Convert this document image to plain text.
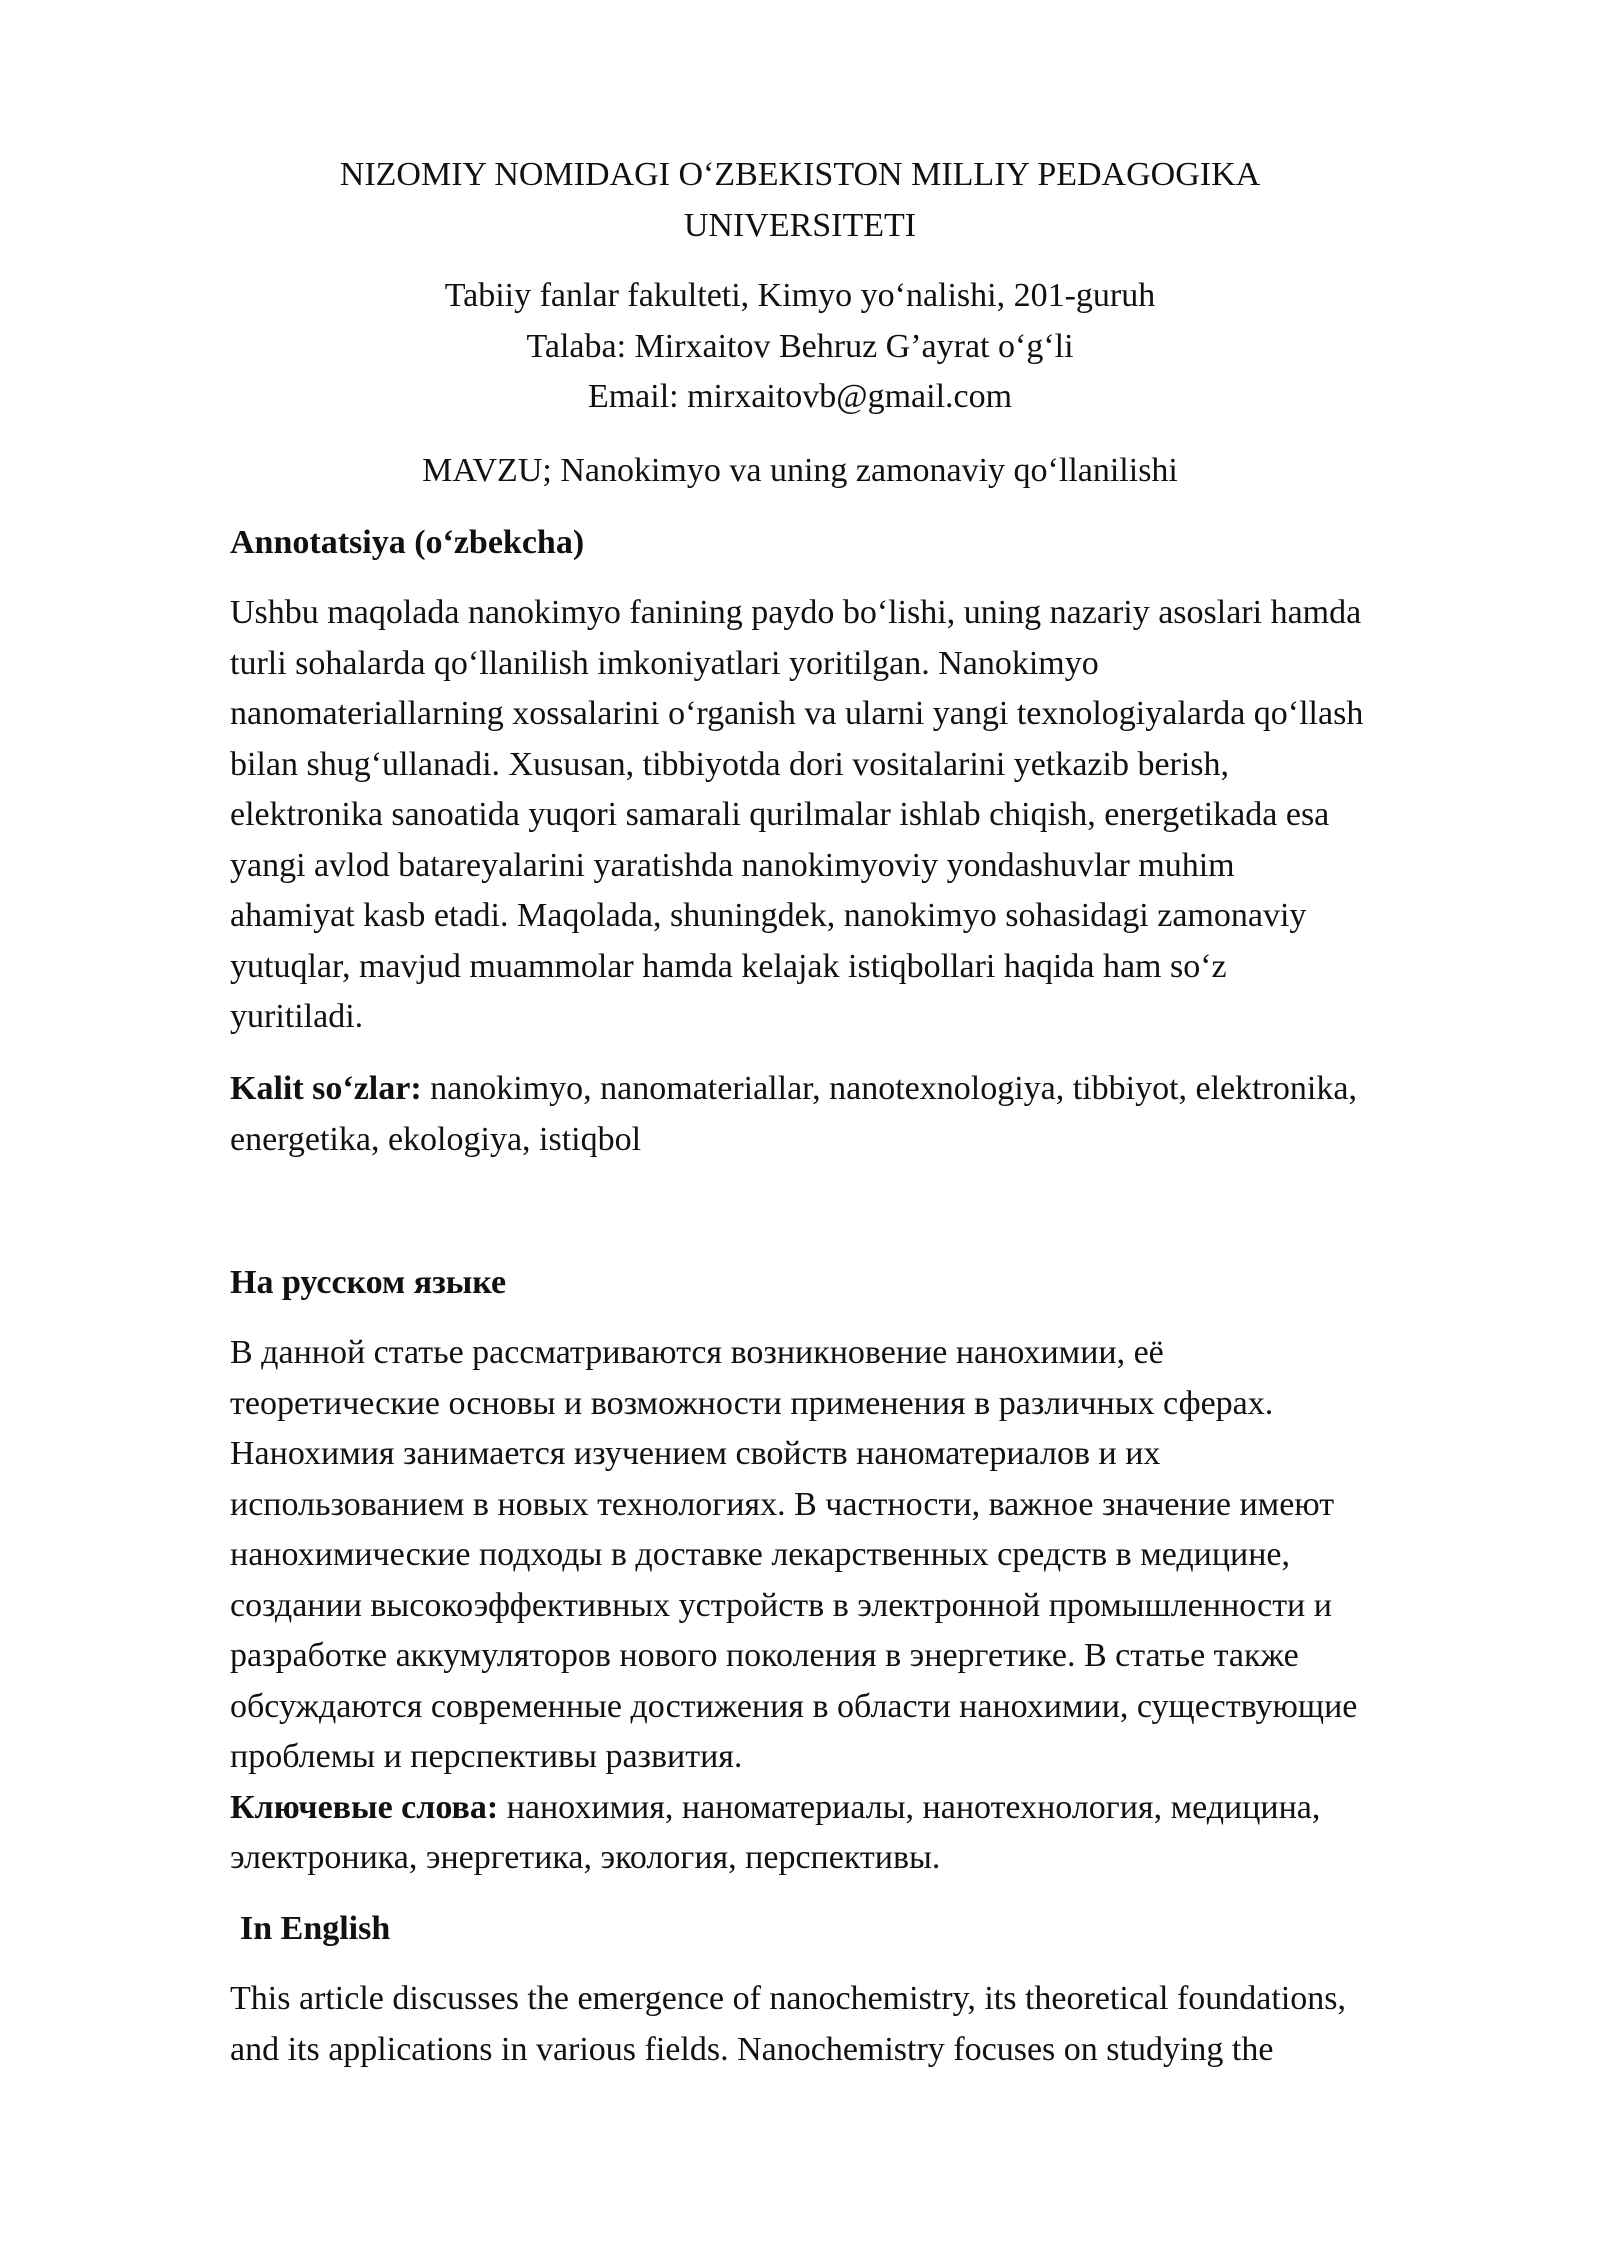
NIZOMIY NOMIDAGI O‘ZBEKISTON MILLIY PEDAGOGIKA
UNIVERSITETI
Tabiiy fanlar fakulteti, Kimyo yo‘nalishi, 201-guruh
Talaba: Mirxaitov Behruz G’ayrat o‘g‘li
Email: mirxaitovb@gmail.com
MAVZU; Nanokimyo va uning zamonaviy qo‘llanilishi
Annotatsiya (o‘zbekcha)
Ushbu maqolada nanokimyo fanining paydo bo‘lishi, uning nazariy asoslari hamda
turli sohalarda qo‘llanilish imkoniyatlari yoritilgan. Nanokimyo
nanomateriallarning xossalarini o‘rganish va ularni yangi texnologiyalarda qo‘llash
bilan shug‘ullanadi. Xususan, tibbiyotda dori vositalarini yetkazib berish,
elektronika sanoatida yuqori samarali qurilmalar ishlab chiqish, energetikada esa
yangi avlod batareyalarini yaratishda nanokimyoviy yondashuvlar muhim
ahamiyat kasb etadi. Maqolada, shuningdek, nanokimyo sohasidagi zamonaviy
yutuqlar, mavjud muammolar hamda kelajak istiqbollari haqida ham so‘z
yuritiladi.
Kalit so‘zlar: nanokimyo, nanomateriallar, nanotexnologiya, tibbiyot, elektronika,
energetika, ekologiya, istiqbol
На русском языке
В данной статье рассматриваются возникновение нанохимии, её
теоретические основы и возможности применения в различных сферах.
Нанохимия занимается изучением свойств наноматериалов и их
использованием в новых технологиях. В частности, важное значение имеют
нанохимические подходы в доставке лекарственных средств в медицине,
создании высокоэффективных устройств в электронной промышленности и
разработке аккумуляторов нового поколения в энергетике. В статье также
обсуждаются современные достижения в области нанохимии, существующие
проблемы и перспективы развития.
Ключевые слова: нанохимия, наноматериалы, нанотехнология, медицина,
электроника, энергетика, экология, перспективы.
In English
This article discusses the emergence of nanochemistry, its theoretical foundations,
and its applications in various fields. Nanochemistry focuses on studying the
